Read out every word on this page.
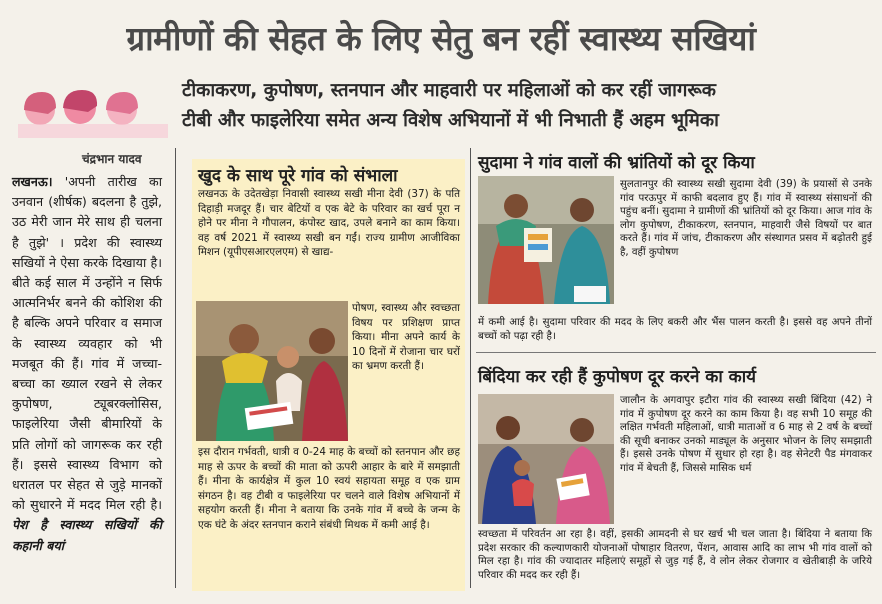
ग्रामीणों की सेहत के लिए सेतु बन रहीं स्वास्थ्य सखियां
टीकाकरण, कुपोषण, स्तनपान और माहवारी पर महिलाओं को कर रहीं जागरूक
टीबी और फाइलेरिया समेत अन्य विशेष अभियानों में भी निभाती हैं अहम भूमिका
चंद्रभान यादव

लखनऊ। 'अपनी तारीख का उनवान (शीर्षक) बदलना है तुझे, उठ मेरी जान मेरे साथ ही चलना है तुझे' । प्रदेश की स्वास्थ्य सखियों ने ऐसा करके दिखाया है। बीते कई साल में उन्होंने न सिर्फ आत्मनिर्भर बनने की कोशिश की है बल्कि अपने परिवार व समाज के स्वास्थ्य व्यवहार को भी मजबूत की हैं। गांव में जच्चा-बच्चा का ख्याल रखने से लेकर कुपोषण, ट्यूबरक्लोसिस, फाइलेरिया जैसी बीमारियों के प्रति लोगों को जागरूक कर रही हैं। इससे स्वास्थ्य विभाग को धरातल पर सेहत से जुड़े मानकों को सुधारने में मदद मिल रही है। पेश है स्वास्थ्य सखियों की कहानी बयां

खुद के साथ पूरे गांव को संभाला
लखनऊ के उदेतखेड़ा निवासी स्वास्थ्य सखी मीना देवी (37) के पति दिहाड़ी मजदूर हैं। चार बेटियों व एक बेटे के परिवार का खर्च पूरा न होने पर मीना ने गौपालन, कंपोस्ट खाद, उपले बनाने का काम किया। वह वर्ष 2021 में स्वास्थ्य सखी बन गईं। राज्य ग्रामीण आजीविका मिशन (यूपीएसआरएलएम) से खाद्य-
पोषण, स्वास्थ्य और स्वच्छता विषय पर प्रशिक्षण प्राप्त किया। मीना अपने कार्य के 10 दिनों में रोजाना चार घरों का भ्रमण करती हैं।
इस दौरान गर्भवती, धात्री व 0-24 माह के बच्चों को स्तनपान और छह माह से ऊपर के बच्चों की माता को ऊपरी आहार के बारे में समझाती हैं। मीना के कार्यक्षेत्र में कुल 10 स्वयं सहायता समूह व एक ग्राम संगठन है। वह टीबी व फाइलेरिया पर चलने वाले विशेष अभियानों में सहयोग करती हैं। मीना ने बताया कि उनके गांव में बच्चे के जन्म के एक घंटे के अंदर स्तनपान कराने संबंधी मिथक में कमी आई है।
सुदामा ने गांव वालों की भ्रांतियों को दूर किया
सुलतानपुर की स्वास्थ्य सखी सुदामा देवी (39) के प्रयासों से उनके गांव परऊपुर में काफी बदलाव हुए हैं। गांव में स्वास्थ्य संसाधनों की पहुंच बनीं। सुदामा ने ग्रामीणों की भ्रांतियों को दूर किया। आज गांव के लोग कुपोषण, टीकाकरण, स्तनपान, माहवारी जैसे विषयों पर बात करते हैं। गांव में जांच, टीकाकरण और संस्थागत प्रसव में बढ़ोतरी हुई है, वहीं कुपोषण
में कमी आई है। सुदामा परिवार की मदद के लिए बकरी और भैंस पालन करती है। इससे वह अपने तीनों बच्चों को पढ़ा रही है।
बिंदिया कर रही हैं कुपोषण दूर करने का कार्य
जालौन के अगवापुर इटौरा गांव की स्वास्थ्य सखी बिंदिया (42) ने गांव में कुपोषण दूर करने का काम किया है। वह सभी 10 समूह की लक्षित गर्भवती महिलाओं, धात्री माताओं व 6 माह से 2 वर्ष के बच्चों की सूची बनाकर उनको माड्यूल के अनुसार भोजन के लिए समझाती हैं। इससे उनके पोषण में सुधार हो रहा है। वह सेनेटरी पैड मंगवाकर गांव में बेचती हैं, जिससे मासिक धर्म
स्वच्छता में परिवर्तन आ रहा है। वहीं, इसकी आमदनी से घर खर्च भी चल जाता है। बिंदिया ने बताया कि प्रदेश सरकार की कल्याणकारी योजनाओं पोषाहार वितरण, पेंशन, आवास आदि का लाभ भी गांव वालों को मिल रहा है। गांव की ज्यादातर महिलाएं समूहों से जुड़ गई हैं, वे लोन लेकर रोजगार व खेतीबाड़ी के जरिये परिवार की मदद कर रही हैं।
